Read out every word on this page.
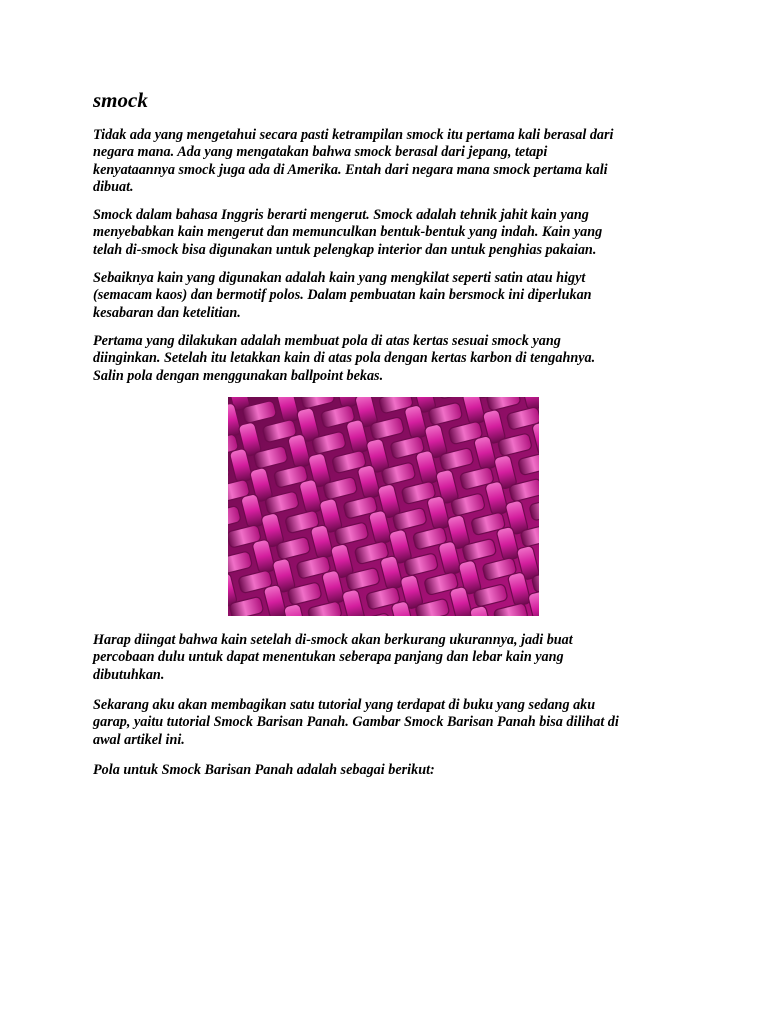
smock
Tidak ada yang mengetahui secara pasti ketrampilan smock itu pertama kali berasal dari
negara mana. Ada yang mengatakan bahwa smock berasal dari jepang, tetapi
kenyataannya smock juga ada di Amerika. Entah dari negara mana smock pertama kali
dibuat.
Smock dalam bahasa Inggris berarti mengerut. Smock adalah tehnik jahit kain yang
menyebabkan kain mengerut dan memunculkan bentuk-bentuk yang indah. Kain yang
telah di-smock bisa digunakan untuk pelengkap interior dan untuk penghias pakaian.
Sebaiknya kain yang digunakan adalah kain yang mengkilat seperti satin atau higyt
(semacam kaos) dan bermotif polos. Dalam pembuatan kain bersmock ini diperlukan
kesabaran dan ketelitian.
Pertama yang dilakukan adalah membuat pola di atas kertas sesuai smock yang
diinginkan. Setelah itu letakkan kain di atas pola dengan kertas karbon di tengahnya.
Salin pola dengan menggunakan ballpoint bekas.
Harap diingat bahwa kain setelah di-smock akan berkurang ukurannya, jadi buat
percobaan dulu untuk dapat menentukan seberapa panjang dan lebar kain yang
dibutuhkan.
Sekarang aku akan membagikan satu tutorial yang terdapat di buku yang sedang aku
garap, yaitu tutorial Smock Barisan Panah. Gambar Smock Barisan Panah bisa dilihat di
awal artikel ini.
Pola untuk Smock Barisan Panah adalah sebagai berikut:
